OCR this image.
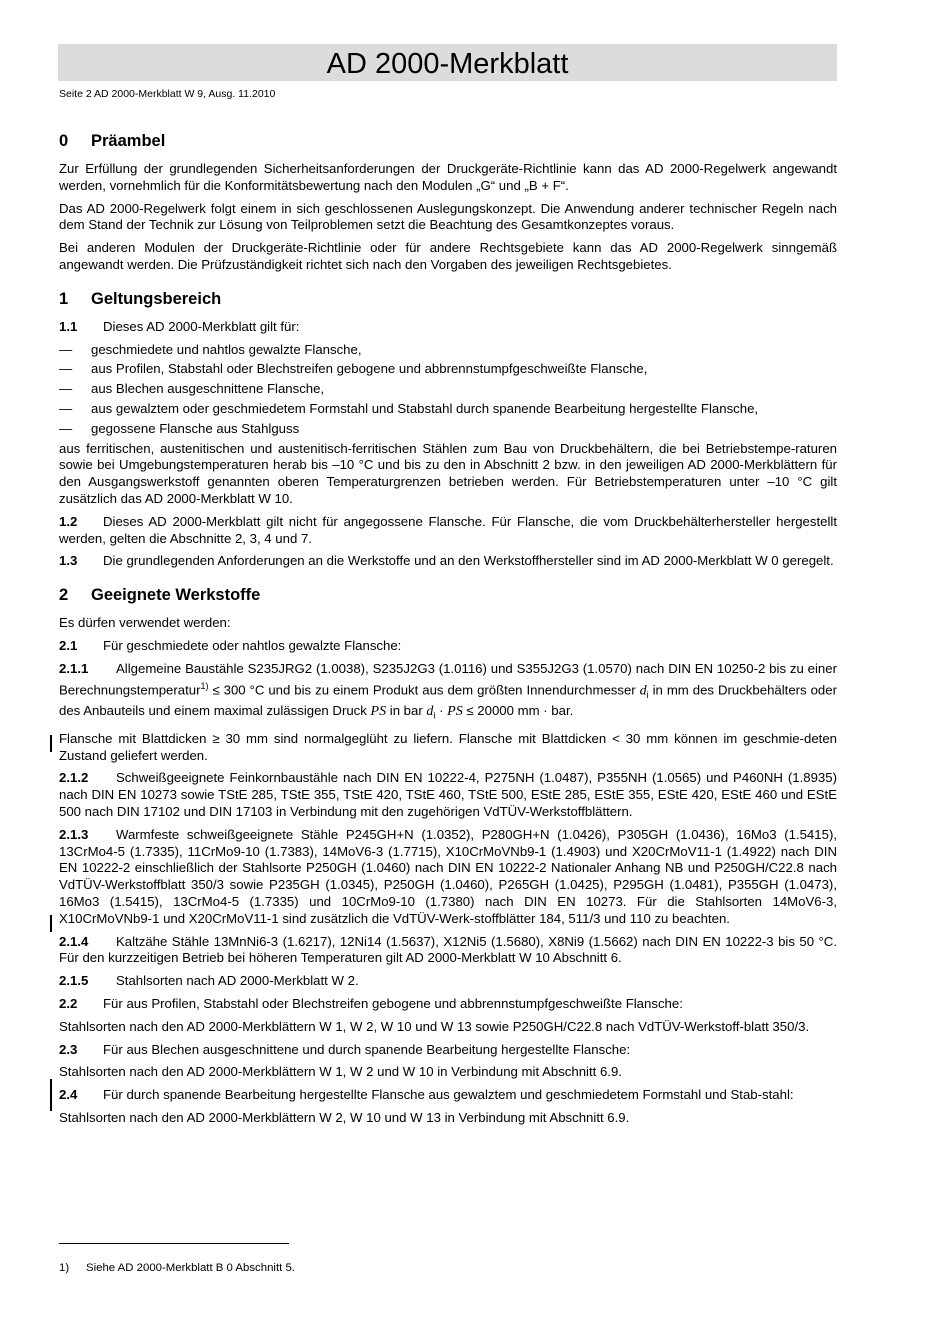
AD 2000-Merkblatt
Seite 2 AD 2000-Merkblatt W 9, Ausg. 11.2010
0 Präambel

Zur Erfüllung der grundlegenden Sicherheitsanforderungen der Druckgeräte-Richtlinie kann das AD 2000-Regelwerk angewandt werden, vornehmlich für die Konformitätsbewertung nach den Modulen „G“ und „B + F“.

Das AD 2000-Regelwerk folgt einem in sich geschlossenen Auslegungskonzept. Die Anwendung anderer technischer Regeln nach dem Stand der Technik zur Lösung von Teilproblemen setzt die Beachtung des Gesamtkonzeptes voraus.

Bei anderen Modulen der Druckgeräte-Richtlinie oder für andere Rechtsgebiete kann das AD 2000-Regelwerk sinngemäß angewandt werden. Die Prüfzuständigkeit richtet sich nach den Vorgaben des jeweiligen Rechtsgebietes.

1 Geltungsbereich

1.1 Dieses AD 2000-Merkblatt gilt für:

—	geschmiedete und nahtlos gewalzte Flansche,
—	aus Profilen, Stabstahl oder Blechstreifen gebogene und abbrennstumpfgeschweißte Flansche,
—	aus Blechen ausgeschnittene Flansche,
—	aus gewalztem oder geschmiedetem Formstahl und Stabstahl durch spanende Bearbeitung hergestellte Flansche,
—	gegossene Flansche aus Stahlguss

aus ferritischen, austenitischen und austenitisch-ferritischen Stählen zum Bau von Druckbehältern, die bei Betriebstempe-raturen sowie bei Umgebungstemperaturen herab bis –10 °C und bis zu den in Abschnitt 2 bzw. in den jeweiligen AD 2000-Merkblättern für den Ausgangswerkstoff genannten oberen Temperaturgrenzen betrieben werden. Für Betriebstemperaturen unter –10 °C gilt zusätzlich das AD 2000-Merkblatt W 10.

1.2 Dieses AD 2000-Merkblatt gilt nicht für angegossene Flansche. Für Flansche, die vom Druckbehälterhersteller hergestellt werden, gelten die Abschnitte 2, 3, 4 und 7.

1.3 Die grundlegenden Anforderungen an die Werkstoffe und an den Werkstoffhersteller sind im AD 2000-Merkblatt W 0 geregelt.

2 Geeignete Werkstoffe

Es dürfen verwendet werden:

2.1 Für geschmiedete oder nahtlos gewalzte Flansche:

2.1.1 Allgemeine Baustähle S235JRG2 (1.0038), S235J2G3 (1.0116) und S355J2G3 (1.0570) nach DIN EN 10250-2 bis zu einer Berechnungstemperatur$^{1)}$ ≤ 300 °C und bis zu einem Produkt aus dem größten Innendurchmesser $d_i$ in mm des Druckbehälters oder des Anbauteils und einem maximal zulässigen Druck PS in bar $d_i$ · PS ≤ 20000 mm · bar.

Flansche mit Blattdicken ≥ 30 mm sind normalgeglüht zu liefern. Flansche mit Blattdicken < 30 mm können im geschmie-deten Zustand geliefert werden.

2.1.2 Schweißgeeignete Feinkornbaustähle nach DIN EN 10222-4, P275NH (1.0487), P355NH (1.0565) und P460NH (1.8935) nach DIN EN 10273 sowie TStE 285, TStE 355, TStE 420, TStE 460, TStE 500, EStE 285, EStE 355, EStE 420, EStE 460 und EStE 500 nach DIN 17102 und DIN 17103 in Verbindung mit den zugehörigen VdTÜV-Werkstoffblättern.

2.1.3 Warmfeste schweißgeeignete Stähle P245GH+N (1.0352), P280GH+N (1.0426), P305GH (1.0436), 16Mo3 (1.5415), 13CrMo4-5 (1.7335), 11CrMo9-10 (1.7383), 14MoV6-3 (1.7715), X10CrMoVNb9-1 (1.4903) und X20CrMoV11-1 (1.4922) nach DIN EN 10222-2 einschließlich der Stahlsorte P250GH (1.0460) nach DIN EN 10222-2 Nationaler Anhang NB und P250GH/C22.8 nach VdTÜV-Werkstoffblatt 350/3 sowie P235GH (1.0345), P250GH (1.0460), P265GH (1.0425), P295GH (1.0481), P355GH (1.0473), 16Mo3 (1.5415), 13CrMo4-5 (1.7335) und 10CrMo9-10 (1.7380) nach DIN EN 10273. Für die Stahlsorten 14MoV6-3, X10CrMoVNb9-1 und X20CrMoV11-1 sind zusätzlich die VdTÜV-Werk-stoffblätter 184, 511/3 und 110 zu beachten.

2.1.4 Kaltzähe Stähle 13MnNi6-3 (1.6217), 12Ni14 (1.5637), X12Ni5 (1.5680), X8Ni9 (1.5662) nach DIN EN 10222-3 bis 50 °C. Für den kurzzeitigen Betrieb bei höheren Temperaturen gilt AD 2000-Merkblatt W 10 Abschnitt 6.

2.1.5 Stahlsorten nach AD 2000-Merkblatt W 2.

2.2 Für aus Profilen, Stabstahl oder Blechstreifen gebogene und abbrennstumpfgeschweißte Flansche:

Stahlsorten nach den AD 2000-Merkblättern W 1, W 2, W 10 und W 13 sowie P250GH/C22.8 nach VdTÜV-Werkstoff-blatt 350/3.

2.3 Für aus Blechen ausgeschnittene und durch spanende Bearbeitung hergestellte Flansche:

Stahlsorten nach den AD 2000-Merkblättern W 1, W 2 und W 10 in Verbindung mit Abschnitt 6.9.

2.4 Für durch spanende Bearbeitung hergestellte Flansche aus gewalztem und geschmiedetem Formstahl und Stab-stahl:

Stahlsorten nach den AD 2000-Merkblättern W 2, W 10 und W 13 in Verbindung mit Abschnitt 6.9.

1) Siehe AD 2000-Merkblatt B 0 Abschnitt 5.
